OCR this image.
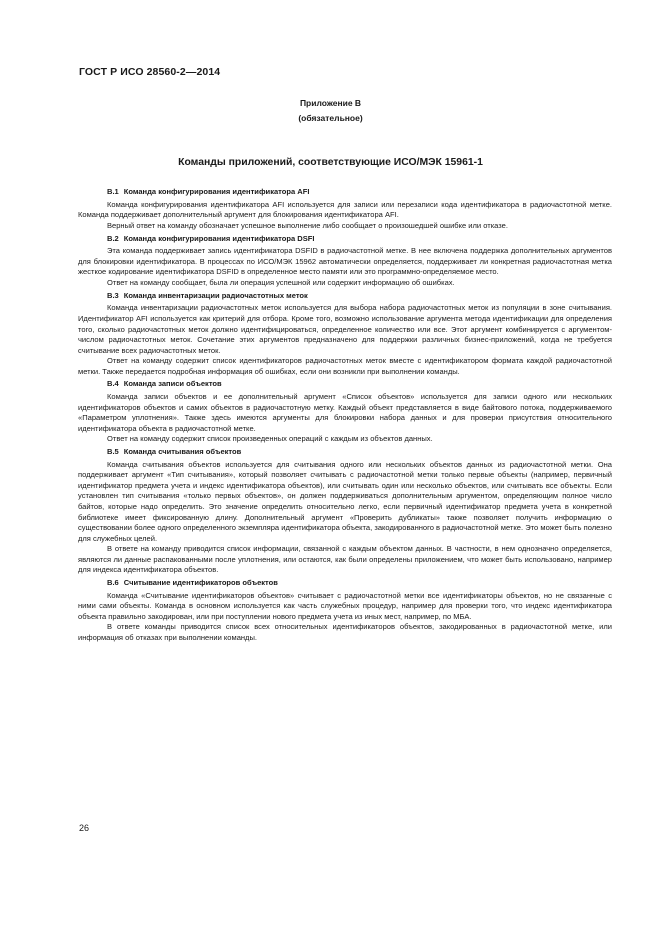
ГОСТ Р ИСО 28560-2—2014
Приложение В
(обязательное)
Команды приложений, соответствующие ИСО/МЭК 15961-1
B.1 Команда конфигурирования идентификатора AFI

Команда конфигурирования идентификатора AFI используется для записи или перезаписи кода идентификатора в радиочастотной метке. Команда поддерживает дополнительный аргумент для блокирования идентификатора AFI.

Верный ответ на команду обозначает успешное выполнение либо сообщает о произошедшей ошибке или отказе.

B.2 Команда конфигурирования идентификатора DSFI

Эта команда поддерживает запись идентификатора DSFID в радиочастотной метке. В нее включена поддержка дополнительных аргументов для блокировки идентификатора. В процессах по ИСО/МЭК 15962 автоматически определяется, поддерживает ли конкретная радиочастотная метка жесткое кодирование идентификатора DSFID в определенное место памяти или это программно-определяемое место.

Ответ на команду сообщает, была ли операция успешной или содержит информацию об ошибках.

B.3 Команда инвентаризации радиочастотных меток

Команда инвентаризации радиочастотных меток используется для выбора набора радиочастотных меток из популяции в зоне считывания. Идентификатор AFI используется как критерий для отбора. Кроме того, возможно использование аргумента метода идентификации для определения того, сколько радиочастотных меток должно идентифицироваться, определенное количество или все. Этот аргумент комбинируется с аргументом-числом радиочастотных меток. Сочетание этих аргументов предназначено для поддержки различных бизнес-приложений, когда не требуется считывание всех радиочастотных меток.

Ответ на команду содержит список идентификаторов радиочастотных меток вместе с идентификатором формата каждой радиочастотной метки. Также передается подробная информация об ошибках, если они возникли при выполнении команды.

B.4 Команда записи объектов

Команда записи объектов и ее дополнительный аргумент «Список объектов» используется для записи одного или нескольких идентификаторов объектов и самих объектов в радиочастотную метку. Каждый объект представляется в виде байтового потока, поддерживаемого «Параметром уплотнения». Также здесь имеются аргументы для блокировки набора данных и для проверки присутствия относительного идентификатора объекта в радиочастотной метке.

Ответ на команду содержит список произведенных операций с каждым из объектов данных.

B.5 Команда считывания объектов

Команда считывания объектов используется для считывания одного или нескольких объектов данных из радиочастотной метки. Она поддерживает аргумент «Тип считывания», который позволяет считывать с радиочастотной метки только первые объекты (например, первичный идентификатор предмета учета и индекс идентификатора объектов), или считывать один или несколько объектов, или считывать все объекты. Если установлен тип считывания «только первых объектов», он должен поддерживаться дополнительным аргументом, определяющим полное число байтов, которые надо определить. Это значение определить относительно легко, если первичный идентификатор предмета учета в конкретной библиотеке имеет фиксированную длину. Дополнительный аргумент «Проверить дубликаты» также позволяет получить информацию о существовании более одного определенного экземпляра идентификатора объекта, закодированного в радиочастотной метке. Это может быть полезно для служебных целей.

В ответе на команду приводится список информации, связанной с каждым объектом данных. В частности, в нем однозначно определяется, являются ли данные распакованными после уплотнения, или остаются, как были определены приложением, что может быть использовано, например для индекса идентификатора объектов.

B.6 Считывание идентификаторов объектов

Команда «Считывание идентификаторов объектов» считывает с радиочастотной метки все идентификаторы объектов, но не связанные с ними сами объекты. Команда в основном используется как часть служебных процедур, например для проверки того, что индекс идентификатора объекта правильно закодирован, или при поступлении нового предмета учета из иных мест, например, по МБА.

В ответе команды приводится список всех относительных идентификаторов объектов, закодированных в радиочастотной метке, или информация об отказах при выполнении команды.

26
